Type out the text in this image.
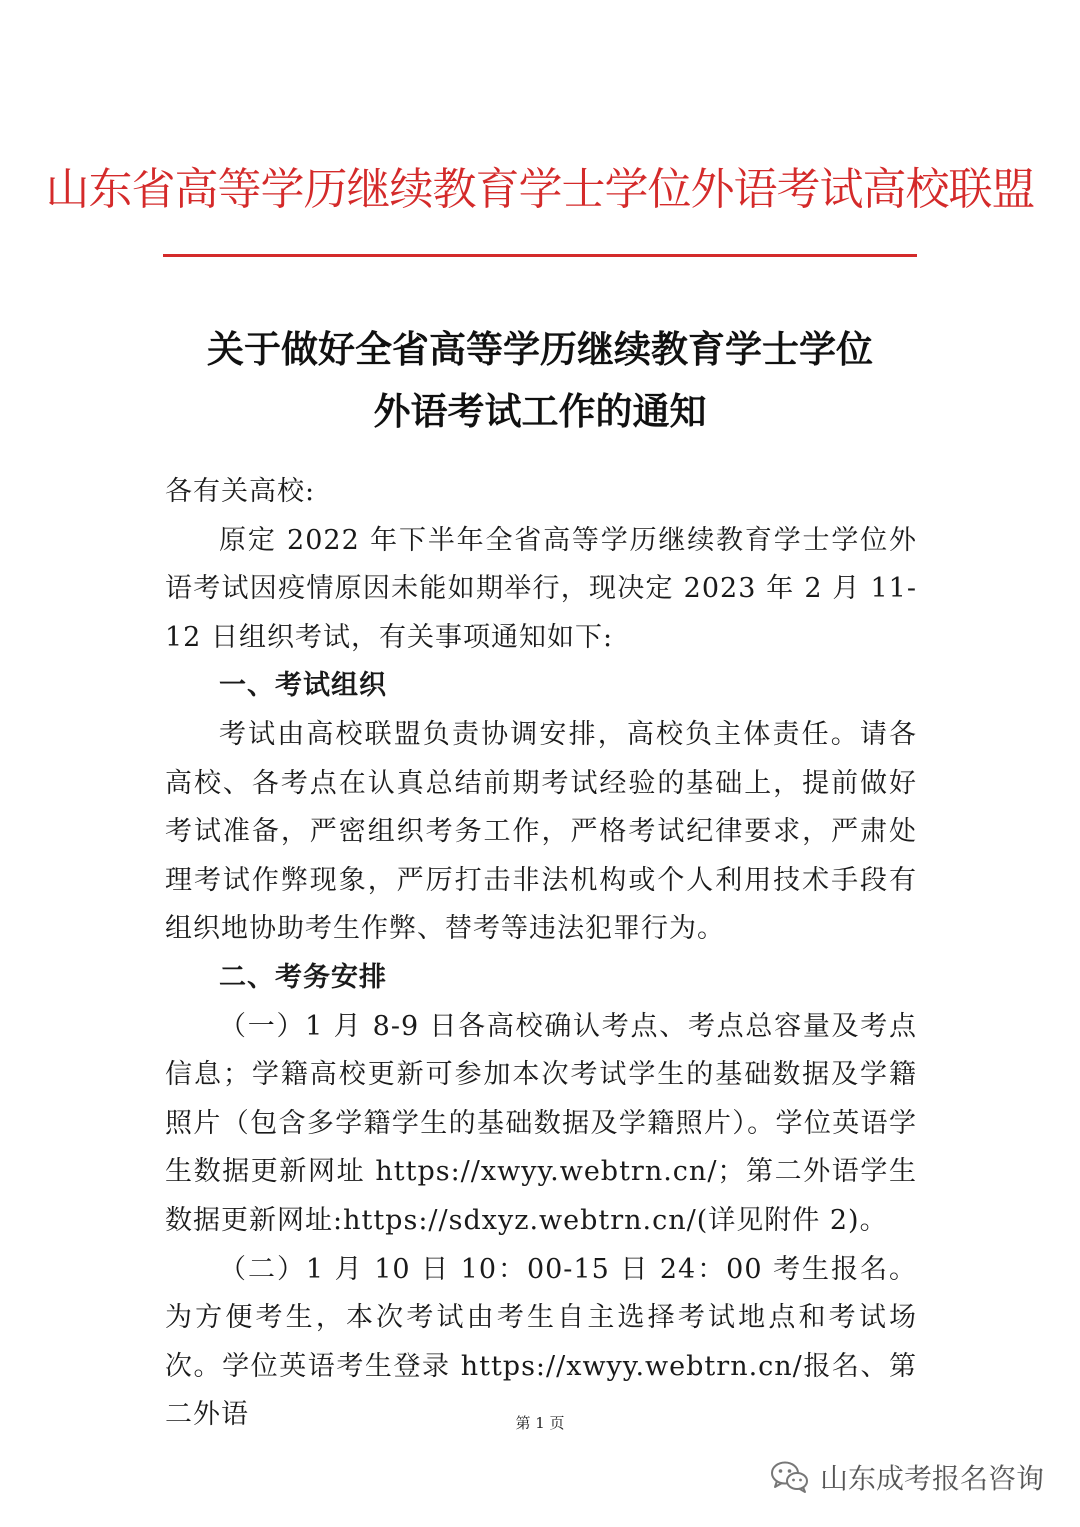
山东省高等学历继续教育学士学位外语考试高校联盟
关于做好全省高等学历继续教育学士学位
外语考试工作的通知

各有关高校:

原定 2022 年下半年全省高等学历继续教育学士学位外语考试因疫情原因未能如期举行，现决定 2023 年 2 月 11-12 日组织考试，有关事项通知如下:

一、考试组织

考试由高校联盟负责协调安排，高校负主体责任。请各高校、各考点在认真总结前期考试经验的基础上，提前做好考试准备，严密组织考务工作，严格考试纪律要求，严肃处理考试作弊现象，严厉打击非法机构或个人利用技术手段有组织地协助考生作弊、替考等违法犯罪行为。

二、考务安排

（一）1 月 8-9 日各高校确认考点、考点总容量及考点信息；学籍高校更新可参加本次考试学生的基础数据及学籍照片（包含多学籍学生的基础数据及学籍照片）。学位英语学生数据更新网址 https://xwyy.webtrn.cn/；第二外语学生数据更新网址:https://sdxyz.webtrn.cn/(详见附件 2)。

（二）1 月 10 日 10：00-15 日 24：00 考生报名。为方便考生，本次考试由考生自主选择考试地点和考试场次。学位英语考生登录 https://xwyy.webtrn.cn/报名、第二外语	第 1 页
山东成考报名咨询
